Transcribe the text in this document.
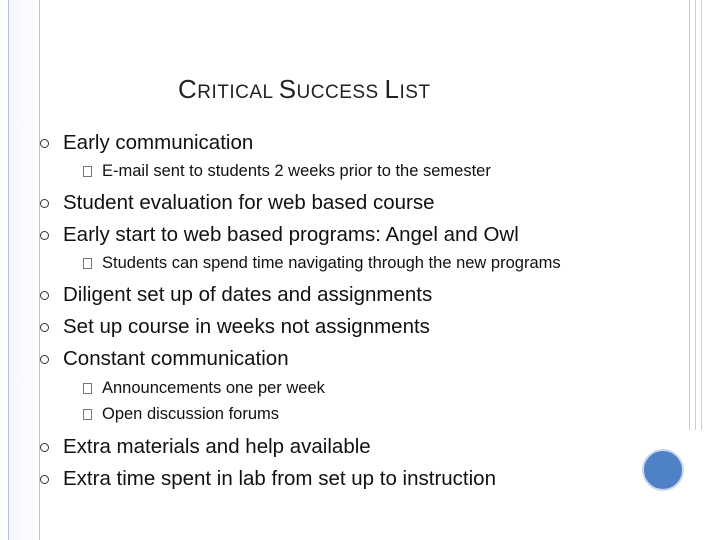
CRITICAL SUCCESS LIST
Early communication
E-mail sent to students 2 weeks prior to the semester
Student evaluation for web based course
Early start to web based programs: Angel and Owl
Students can spend time navigating through the new programs
Diligent set up of dates and assignments
Set up course in weeks not assignments
Constant communication
Announcements one per week
Open discussion forums
Extra materials and help available
Extra time spent in lab from set up to instruction
